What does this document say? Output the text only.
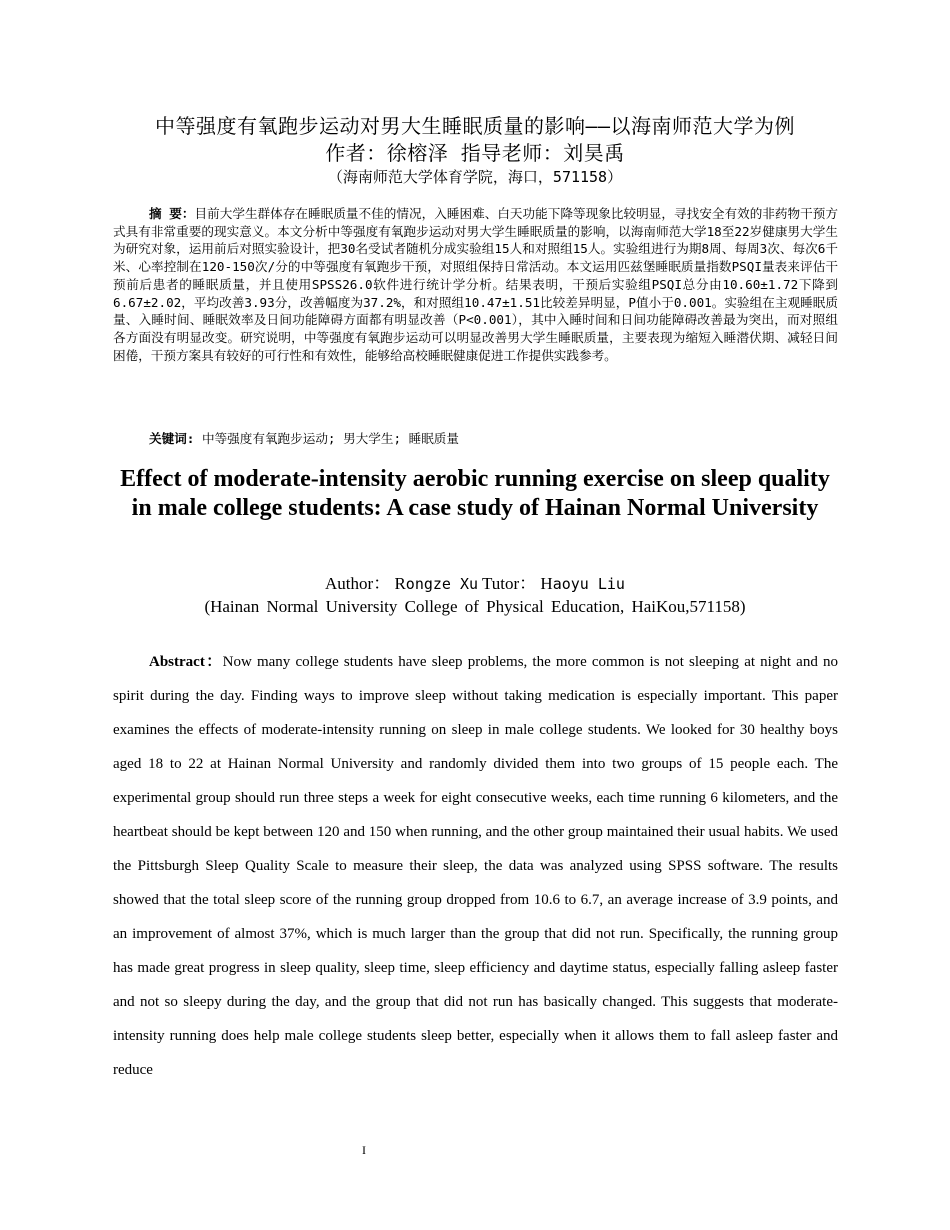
中等强度有氧跑步运动对男大生睡眠质量的影响——以海南师范大学为例
作者：徐榕泽 指导老师：刘昊禹
（海南师范大学体育学院，海口，571158）
摘 要：目前大学生群体存在睡眠质量不佳的情况，入睡困难、白天功能下降等现象比较明显，寻找安全有效的非药物干预方式具有非常重要的现实意义。本文分析中等强度有氧跑步运动对男大学生睡眠质量的影响，以海南师范大学18至22岁健康男大学生为研究对象，运用前后对照实验设计，把30名受试者随机分成实验组15人和对照组15人。实验组进行为期8周、每周3次、每次6千米、心率控制在120-150次/分的中等强度有氧跑步干预，对照组保持日常活动。本文运用匹兹堡睡眠质量指数PSQI量表来评估干预前后患者的睡眠质量，并且使用SPSS26.0软件进行统计学分析。结果表明，干预后实验组PSQI总分由10.60±1.72下降到6.67±2.02，平均改善3.93分，改善幅度为37.2%，和对照组10.47±1.51比较差异明显，P值小于0.001。实验组在主观睡眠质量、入睡时间、睡眠效率及日间功能障碍方面都有明显改善（P<0.001），其中入睡时间和日间功能障碍改善最为突出，而对照组各方面没有明显改变。研究说明，中等强度有氧跑步运动可以明显改善男大学生睡眠质量，主要表现为缩短入睡潜伏期、减轻日间困倦，干预方案具有较好的可行性和有效性，能够给高校睡眠健康促进工作提供实践参考。
关键词: 中等强度有氧跑步运动; 男大学生; 睡眠质量
Effect of moderate-intensity aerobic running exercise on sleep quality in male college students: A case study of Hainan Normal University
Author： Rongze Xu Tutor： Haoyu Liu
(Hainan Normal University College of Physical Education, HaiKou,571158)
Abstract：Now many college students have sleep problems, the more common is not sleeping at night and no spirit during the day. Finding ways to improve sleep without taking medication is especially important. This paper examines the effects of moderate-intensity running on sleep in male college students. We looked for 30 healthy boys aged 18 to 22 at Hainan Normal University and randomly divided them into two groups of 15 people each. The experimental group should run three steps a week for eight consecutive weeks, each time running 6 kilometers, and the heartbeat should be kept between 120 and 150 when running, and the other group maintained their usual habits. We used the Pittsburgh Sleep Quality Scale to measure their sleep, the data was analyzed using SPSS software. The results showed that the total sleep score of the running group dropped from 10.6 to 6.7, an average increase of 3.9 points, and an improvement of almost 37%, which is much larger than the group that did not run. Specifically, the running group has made great progress in sleep quality, sleep time, sleep efficiency and daytime status, especially falling asleep faster and not so sleepy during the day, and the group that did not run has basically changed. This suggests that moderate-intensity running does help male college students sleep better, especially when it allows them to fall asleep faster and reduce
I
